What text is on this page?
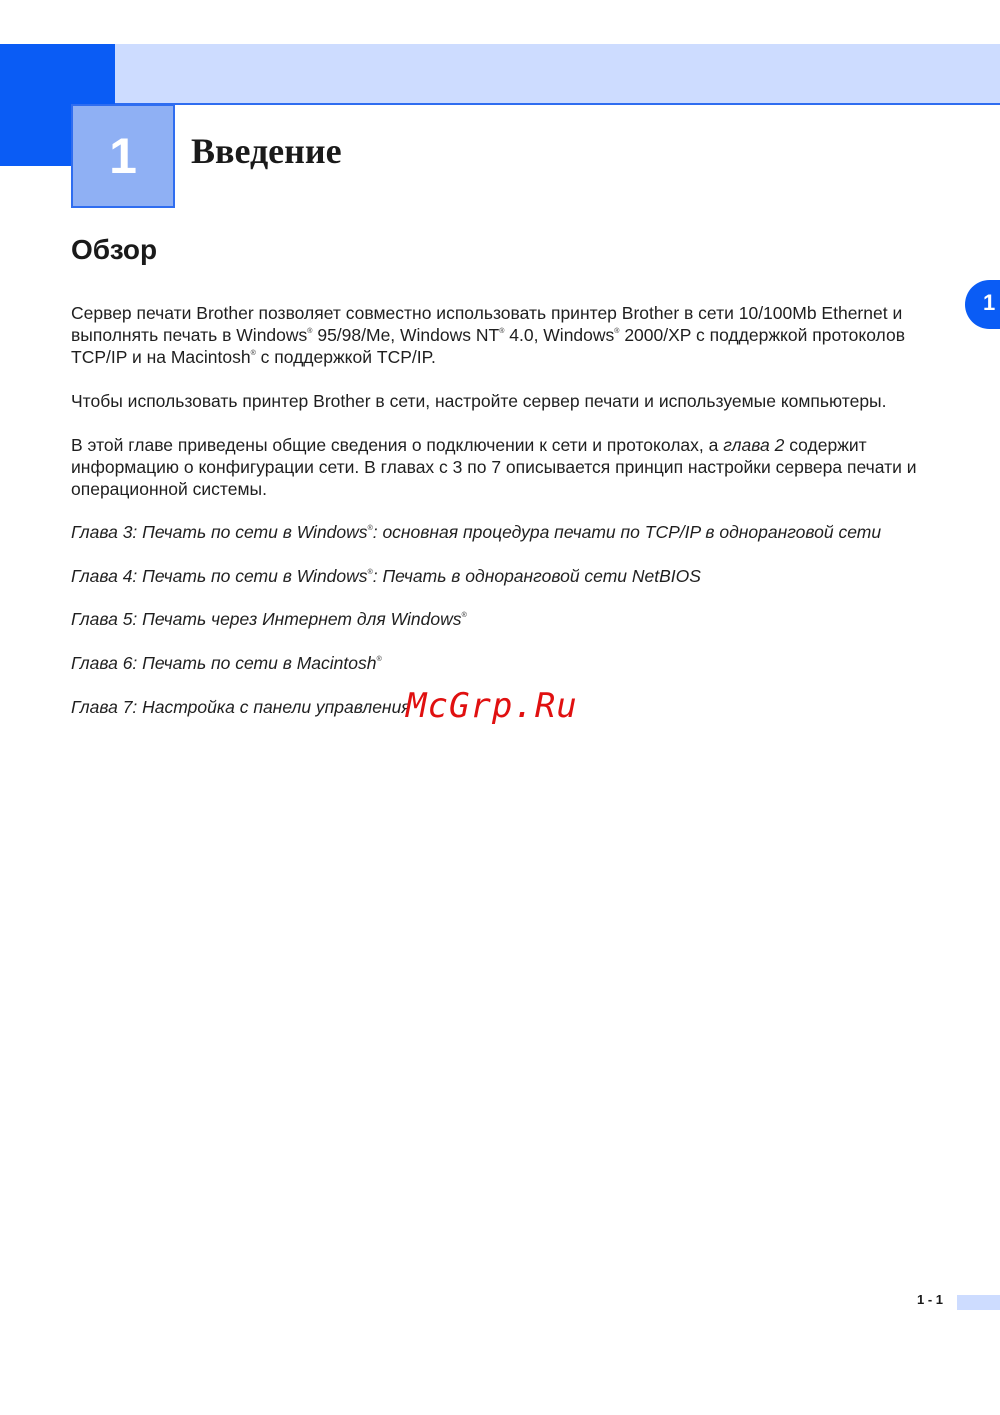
1 Введение
1
Обзор

Сервер печати Brother позволяет совместно использовать принтер Brother в сети 10/100Mb Ethernet и выполнять печать в Windows® 95/98/Me, Windows NT® 4.0, Windows® 2000/XP с поддержкой протоколов TCP/IP и на Macintosh® с поддержкой TCP/IP.

Чтобы использовать принтер Brother в сети, настройте сервер печати и используемые компьютеры.

В этой главе приведены общие сведения о подключении к сети и протоколах, а глава 2 содержит информацию о конфигурации сети. В главах с 3 по 7 описывается принцип настройки сервера печати и операционной системы.

Глава 3: Печать по сети в Windows®: основная процедура печати по TCP/IP в одноранговой сети

Глава 4: Печать по сети в Windows®: Печать в одноранговой сети NetBIOS

Глава 5: Печать через Интернет для Windows®

Глава 6: Печать по сети в Macintosh®

Глава 7: Настройка с панели управления

McGrp.Ru

1 - 1
